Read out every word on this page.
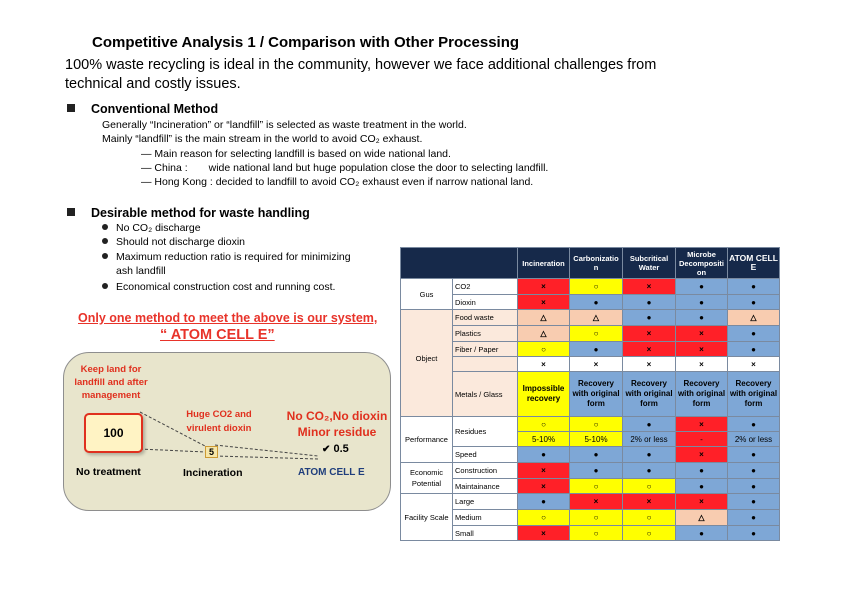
Competitive Analysis 1 / Comparison with Other Processing
100% waste recycling is ideal in the community, however we face additional challenges from technical and costly issues.
Conventional Method
Generally “Incineration” or “landfill” is selected as waste treatment in the world.
Mainly “landfill” is the main stream in the world to avoid CO₂ exhaust.
— Main reason for selecting landfill is based on wide national land.
— China : wide national land but huge population close the door to selecting landfill.
— Hong Kong : decided to landfill to avoid CO₂ exhaust even if narrow national land.
Desirable method for waste handling
No CO₂ discharge
Should not discharge dioxin
Maximum reduction ratio is required for minimizing
ash landfill
Economical construction cost and running cost.
Only one method to meet the above is our system,
“ ATOM CELL E”
Keep land for
landfill and after
management
100
Huge CO2 and
virulent dioxin
5
No CO₂,No dioxin
Minor residue
✔ 0.5
No treatment	Incineration	ATOM CELL E
		Incineration	Carbonizatio n	Subcritical Water	Microbe Decompositi on	ATOM CELL E
Gus	CO2	×	○	×	●	●
	Dioxin	×	●	●	●	●
Object	Food waste	△	△	●	●	△
	Plastics	△	○	×	×	●
	Fiber / Paper	○	●	×	×	●
		×	×	×	×	×
	Metals / Glass	Impossible recovery	Recovery with original form	Recovery with original form	Recovery with original form	Recovery with original form
Performance	Residues	○	○	●	×	●
		5-10%	5-10%	2% or less	-	2% or less
	Speed	●	●	●	×	●
Economic Potential	Construction	×	●	●	●	●
	Maintainance	×	○	○	●	●
Facility Scale	Large	●	×	×	×	●
	Medium	○	○	○	△	●
	Small	×	○	○	●	●
